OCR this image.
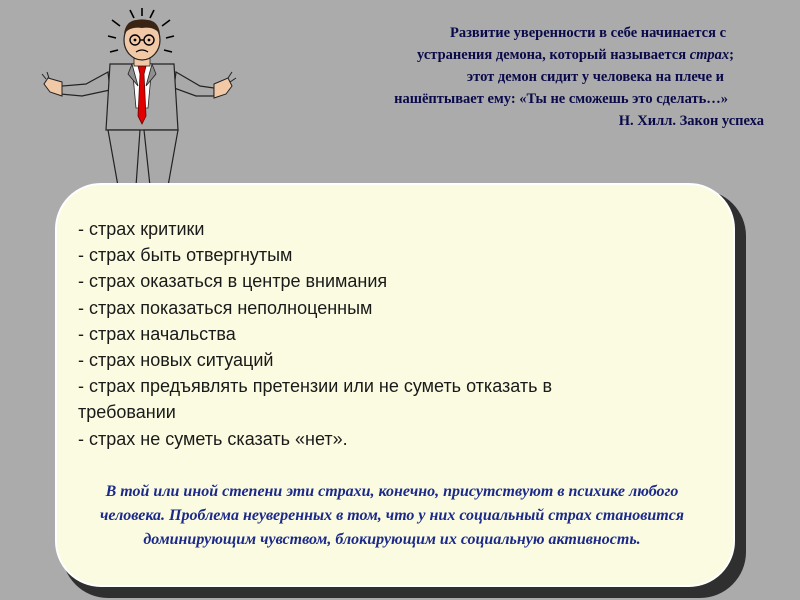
Развитие уверенности в себе начинается с
устранения демона, который называется страх;
этот демон сидит у человека на плече и
нашёптывает ему: «Ты не сможешь это сделать…»
Н. Хилл. Закон успеха
- страх критики
- страх быть отвергнутым
- страх оказаться в центре внимания
- страх показаться неполноценным
- страх начальства
- страх новых ситуаций
- страх предъявлять претензии или не суметь отказать в
требовании
- страх не суметь сказать «нет».

В той или иной степени эти страхи, конечно, присутствуют в психике любого человека. Проблема неуверенных в том, что у них социальный страх становится доминирующим чувством, блокирующим их социальную активность.
